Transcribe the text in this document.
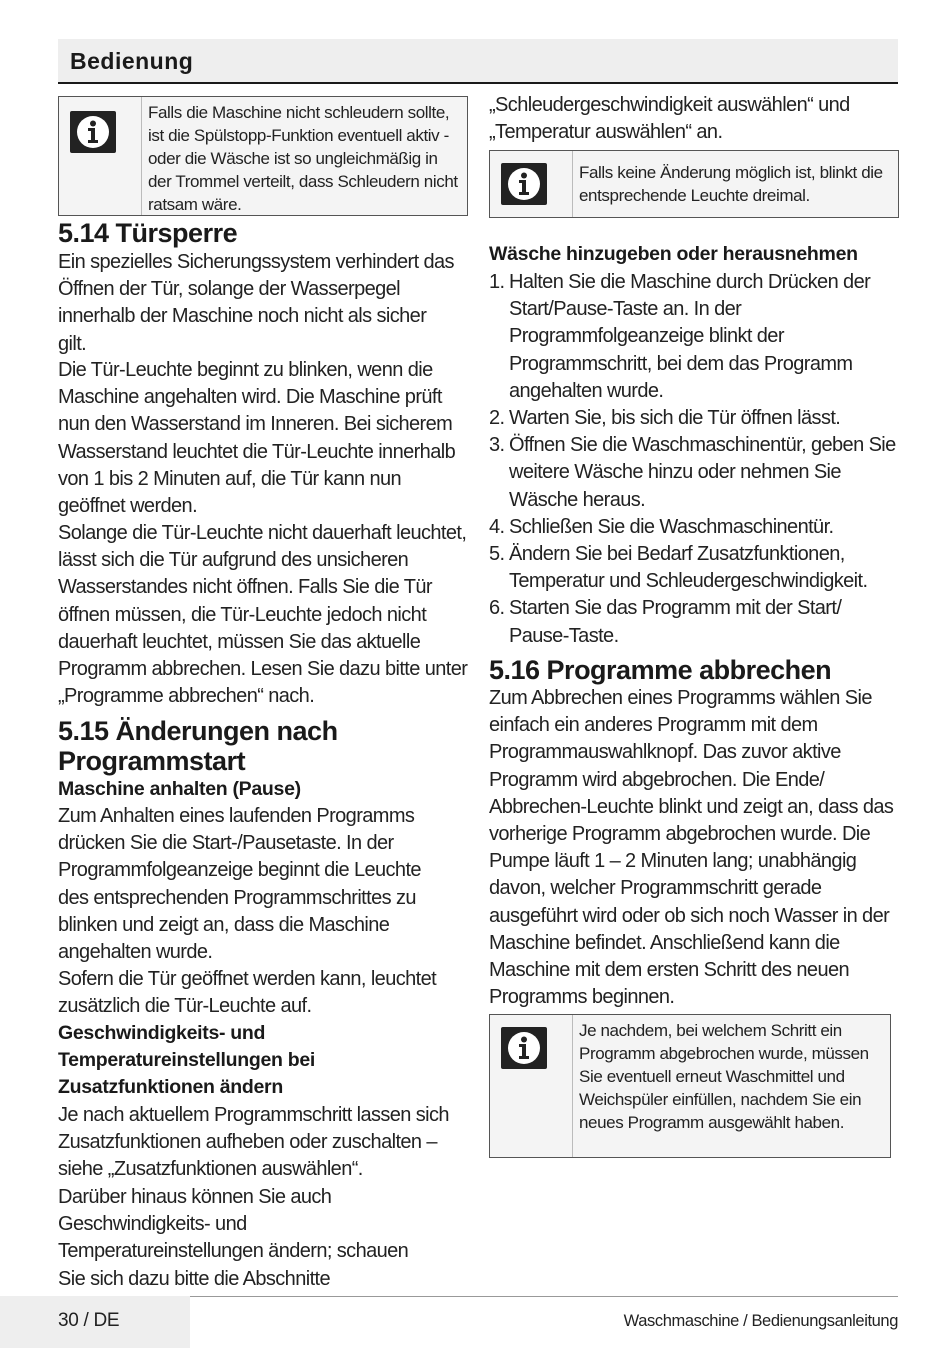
Bedienung
Falls die Maschine nicht schleudern sollte, ist die Spülstopp-Funktion eventuell aktiv - oder die Wäsche ist so ungleichmäßig in der Trommel verteilt, dass Schleudern nicht ratsam wäre.
5.14 Türsperre

Ein spezielles Sicherungssystem verhindert das Öffnen der Tür, solange der Wasserpegel innerhalb der Maschine noch nicht als sicher gilt.

Die Tür-Leuchte beginnt zu blinken, wenn die Maschine angehalten wird. Die Maschine prüft nun den Wasserstand im Inneren. Bei sicherem Wasserstand leuchtet die Tür-Leuchte innerhalb von 1 bis 2 Minuten auf, die Tür kann nun geöffnet werden.

Solange die Tür-Leuchte nicht dauerhaft leuchtet, lässt sich die Tür aufgrund des unsicheren Wasserstandes nicht öffnen. Falls Sie die Tür öffnen müssen, die Tür-Leuchte jedoch nicht dauerhaft leuchtet, müssen Sie das aktuelle Programm abbrechen. Lesen Sie dazu bitte unter „Programme abbrechen“ nach.

5.15 Änderungen nach Programmstart
Maschine anhalten (Pause)

Zum Anhalten eines laufenden Programms drücken Sie die Start-/Pausetaste. In der Programmfolgeanzeige beginnt die Leuchte des entsprechenden Programmschrittes zu blinken und zeigt an, dass die Maschine angehalten wurde.

Sofern die Tür geöffnet werden kann, leuchtet zusätzlich die Tür-Leuchte auf.

Geschwindigkeits- und Temperatureinstellungen bei Zusatzfunktionen ändern

Je nach aktuellem Programmschritt lassen sich Zusatzfunktionen aufheben oder zuschalten – siehe „Zusatzfunktionen auswählen“.

Darüber hinaus können Sie auch Geschwindigkeits- und Temperatureinstellungen ändern; schauen Sie sich dazu bitte die Abschnitte

„Schleudergeschwindigkeit auswählen“ und „Temperatur auswählen“ an.

Falls keine Änderung möglich ist, blinkt die entsprechende Leuchte dreimal.
Wäsche hinzugeben oder herausnehmen
1. Halten Sie die Maschine durch Drücken der Start/Pause-Taste an. In der Programmfolgeanzeige blinkt der Programmschritt, bei dem das Programm angehalten wurde.
2. Warten Sie, bis sich die Tür öffnen lässt.
3. Öffnen Sie die Waschmaschinentür, geben Sie weitere Wäsche hinzu oder nehmen Sie Wäsche heraus.
4. Schließen Sie die Waschmaschinentür.
5. Ändern Sie bei Bedarf Zusatzfunktionen, Temperatur und Schleudergeschwindigkeit.
6. Starten Sie das Programm mit der Start/ Pause-Taste.
5.16 Programme abbrechen

Zum Abbrechen eines Programms wählen Sie einfach ein anderes Programm mit dem Programmauswahlknopf. Das zuvor aktive Programm wird abgebrochen. Die Ende/ Abbrechen-Leuchte blinkt und zeigt an, dass das vorherige Programm abgebrochen wurde. Die Pumpe läuft 1 – 2 Minuten lang; unabhängig davon, welcher Programmschritt gerade ausgeführt wird oder ob sich noch Wasser in der Maschine befindet. Anschließend kann die Maschine mit dem ersten Schritt des neuen Programms beginnen.

Je nachdem, bei welchem Schritt ein Programm abgebrochen wurde, müssen Sie eventuell erneut Waschmittel und Weichspüler einfüllen, nachdem Sie ein neues Programm ausgewählt haben.
30 / DE	Waschmaschine / Bedienungsanleitung
